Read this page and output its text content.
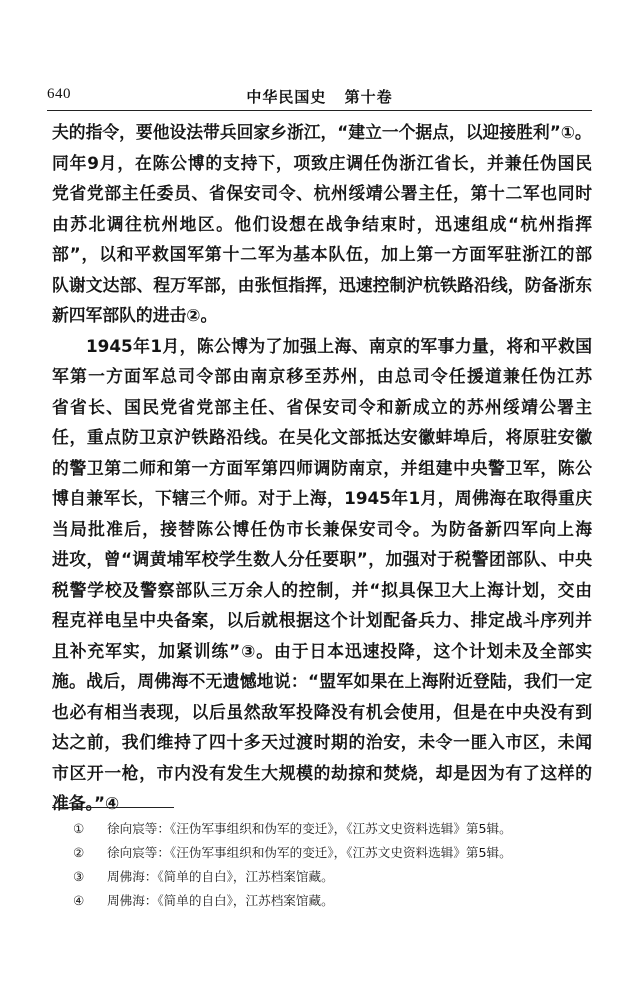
640	中华民国史 第十卷
夫的指令，要他设法带兵回家乡浙江，“建立一个据点，以迎接胜利”①。
同年9月，在陈公博的支持下，项致庄调任伪浙江省长，并兼任伪国民
党省党部主任委员、省保安司令、杭州绥靖公署主任，第十二军也同时
由苏北调往杭州地区。他们设想在战争结束时，迅速组成“杭州指挥
部”，以和平救国军第十二军为基本队伍，加上第一方面军驻浙江的部
队谢文达部、程万军部，由张恒指挥，迅速控制沪杭铁路沿线，防备浙东
新四军部队的进击②。
1945年1月，陈公博为了加强上海、南京的军事力量，将和平救国
军第一方面军总司令部由南京移至苏州，由总司令任援道兼任伪江苏
省省长、国民党省党部主任、省保安司令和新成立的苏州绥靖公署主
任，重点防卫京沪铁路沿线。在吴化文部抵达安徽蚌埠后，将原驻安徽
的警卫第二师和第一方面军第四师调防南京，并组建中央警卫军，陈公
博自兼军长，下辖三个师。对于上海，1945年1月，周佛海在取得重庆
当局批准后，接替陈公博任伪市长兼保安司令。为防备新四军向上海
进攻，曾“调黄埔军校学生数人分任要职”，加强对于税警团部队、中央
税警学校及警察部队三万余人的控制，并“拟具保卫大上海计划，交由
程克祥电呈中央备案，以后就根据这个计划配备兵力、排定战斗序列并
且补充军实，加紧训练”③。由于日本迅速投降，这个计划未及全部实
施。战后，周佛海不无遗憾地说：“盟军如果在上海附近登陆，我们一定
也必有相当表现，以后虽然敌军投降没有机会使用，但是在中央没有到
达之前，我们维持了四十多天过渡时期的治安，未令一匪入市区，未闻
市区开一枪，市内没有发生大规模的劫掠和焚烧，却是因为有了这样的
准备。”④
① 徐向宸等：《汪伪军事组织和伪军的变迁》，《江苏文史资料选辑》第5辑。
② 徐向宸等：《汪伪军事组织和伪军的变迁》，《江苏文史资料选辑》第5辑。
③ 周佛海：《简单的自白》，江苏档案馆藏。
④ 周佛海：《简单的自白》，江苏档案馆藏。
